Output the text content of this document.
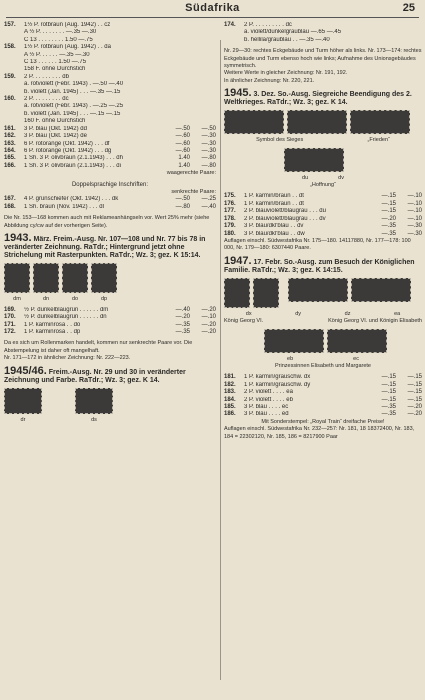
Südafrika	25
157.	1½ P. rotbraun (Aug. 1942) . . cz
A ½ P. . . . . . . . —.35 —.30
C 13 . . . . . . . . 1.50 —.75
158.	1½ P. rotbraun (Aug. 1942) . . da
A ½ P. . . . . . —.35 —.30
C 13 . . . . . . 1.50 —.75
158 F. ohne Durchstich
159.	2 P. . . . . . . . . db
a. rotviolett (Febr. 1943) . —.50 —.40
b. violett (Jan. 1945) . . . —.35 —.15
160.	2 P. . . . . . . . . dc
a. rotviolett (Febr. 1943) . —.25 —.25
b. violett (Jan. 1945) . . . —.15 —.15
160 F. ohne Durchstich
161.	3 P. blau (Okt. 1942) dd	—.50	—.50
162.	3 P. blau (Okt. 1942) de	—.60	—.30
163.	6 P. rotorange (Okt. 1942) . . . df	—.60	—.30
164.	6 P. rotorange (Okt. 1942) . . . dg	—.60	—.30
165.	1 Sh. 3 P. olivbraun (2.1.1943) . . . dh	1.40	—.80
166.	1 Sh. 3 P. olivbraun (2.1.1943) . . . di	1.40	—.80
waagerechte Paare:
Doppelsprachige Inschriften:
senkrechte Paare:
167.	4 P. grünschiefer (Okt. 1942) . . . dk	—.50	—.25
168.	1 Sh. braun (Nov. 1942) . . . dl	—.80	—.40
Die Nr. 153—168 kommen auch mit Reklameanhängseln vor. Wert 25% mehr (siehe Abbildung cy/cw auf der vorherigen Seite).
1943. März. Freim.-Ausg. Nr. 107—108 und Nr. 77 bis 78 in veränderter Zeichnung. RaTdr.; Hintergrund jetzt ohne Strichelung mit Rasterpunkten. RaTdr.; Wz. 3; gez. K 15:14.
dm	dn	do	dp
169.	½ P. dunkelblaugrün . . . . . . dm	—.40	—.20
170.	½ P. dunkelblaugrün . . . . . . dn	—.20	—.10
171.	1 P. karminrosa . . do	—.35	—.20
172.	1 P. karminrosa . . dp	—.35	—.20
Da es sich um Rollenmarken handelt, kommen nur senkrechte Paare vor. Die Abstempelung ist daher oft mangelhaft.
Nr. 171—172 in ähnlicher Zeichnung: Nr. 222—223.
1945/46. Freim.-Ausg. Nr. 29 und 30 in veränderter Zeichnung und Farbe. RaTdr.; Wz. 3; gez. K 14.
dr	ds
174.	2 P. . . . . . . . . . dc
a. violett/dunkelgraublau —.65 —.45
b. hellila/graublau . . —.35 —.40
Nr. 29—30: rechtes Eckgebäude und Turm höher als links. Nr. 173—174: rechtes Eckgebäude und Turm ebenso hoch wie links; Aufnahme des Unionsgebäudes symmetrisch.
Weitere Werte in gleicher Zeichnung: Nr. 191, 192.
In ähnlicher Zeichnung: Nr. 220, 221.
1945. 3. Dez. So.-Ausg. Siegreiche Beendigung des 2. Weltkrieges. RaTdr.; Wz. 3; gez. K 14.
Symbol des Sieges	„Frieden“
du	dv
„Hoffnung“
175.	1 P. karmin/braun . . dt	—.15	—.10
176.	1 P. karmin/braun . . dt	—.15	—.10
177.	2 P. blauviolett/blaugrau . . . du	—.15	—.10
178.	2 P. blauviolett/blaugrau . . . dv	—.20	—.10
179.	3 P. blau/dkl'blau . . dv	—.35	—.30
180.	3 P. blau/dkl'blau . . dw	—.35	—.30
Auflagen einschl. Südwestafrika Nr. 175—180. 14117880, Nr. 177—178: 100 000, Nr. 179—180: 6307440 Paare.
1947. 17. Febr. So.-Ausg. zum Besuch der Königlichen Familie. RaTdr.; Wz. 3; gez. K 14:15.
dx	dy	dz	ea
König Georg VI.	König Georg VI. und Königin Elisabeth
eb	ec
Prinzessinnen Elisabeth und Margarete
181.	1 P. karmin/grauschw. dx	—.15	—.15
182.	1 P. karmin/grauschw. dy	—.15	—.15
183.	2 P. violett . . . . ea	—.15	—.15
184.	2 P. violett . . . . eb	—.15	—.15
185.	3 P. blau . . . . ec	—.35	—.20
186.	3 P. blau . . . . ed	—.35	—.20
Mit Sonderstempel: „Royal Train“ dreifache Preise!
Auflagen einschl. Südwestafrika Nr. 232—257: Nr. 181, 18 18372400, Nr. 183, 184 = 22302120, Nr. 185, 186 = 8217900 Paar
